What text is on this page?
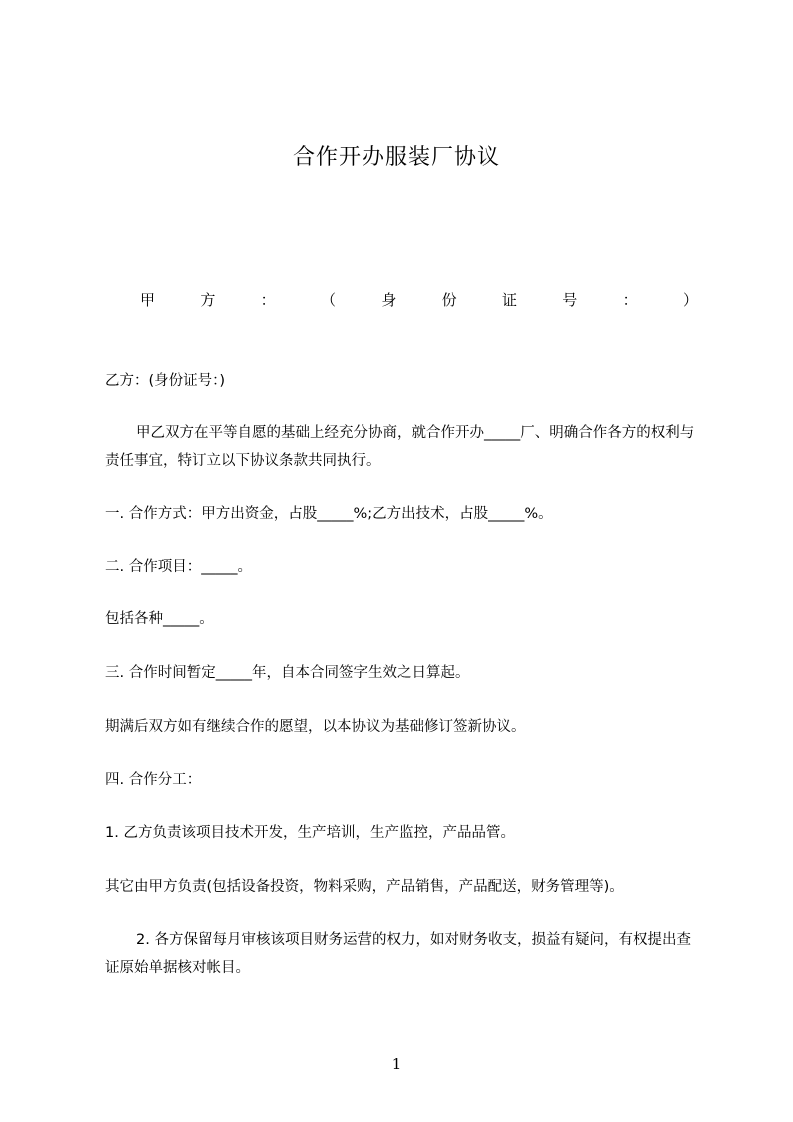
合作开办服装厂协议
甲	方	：	（	身	份	证	号	：	）
乙方：(身份证号：)
甲乙双方在平等自愿的基础上经充分协商，就合作开办_____厂、明确合作各方的权利与责任事宜，特订立以下协议条款共同执行。
一. 合作方式：甲方出资金，占股_____%;乙方出技术，占股_____%。
二. 合作项目：_____。
包括各种_____。
三. 合作时间暂定_____年，自本合同签字生效之日算起。
期满后双方如有继续合作的愿望，以本协议为基础修订签新协议。
四. 合作分工：
1. 乙方负责该项目技术开发，生产培训，生产监控，产品品管。
其它由甲方负责(包括设备投资，物料采购，产品销售，产品配送，财务管理等)。
2. 各方保留每月审核该项目财务运营的权力，如对财务收支，损益有疑问，有权提出查证原始单据核对帐目。
1
